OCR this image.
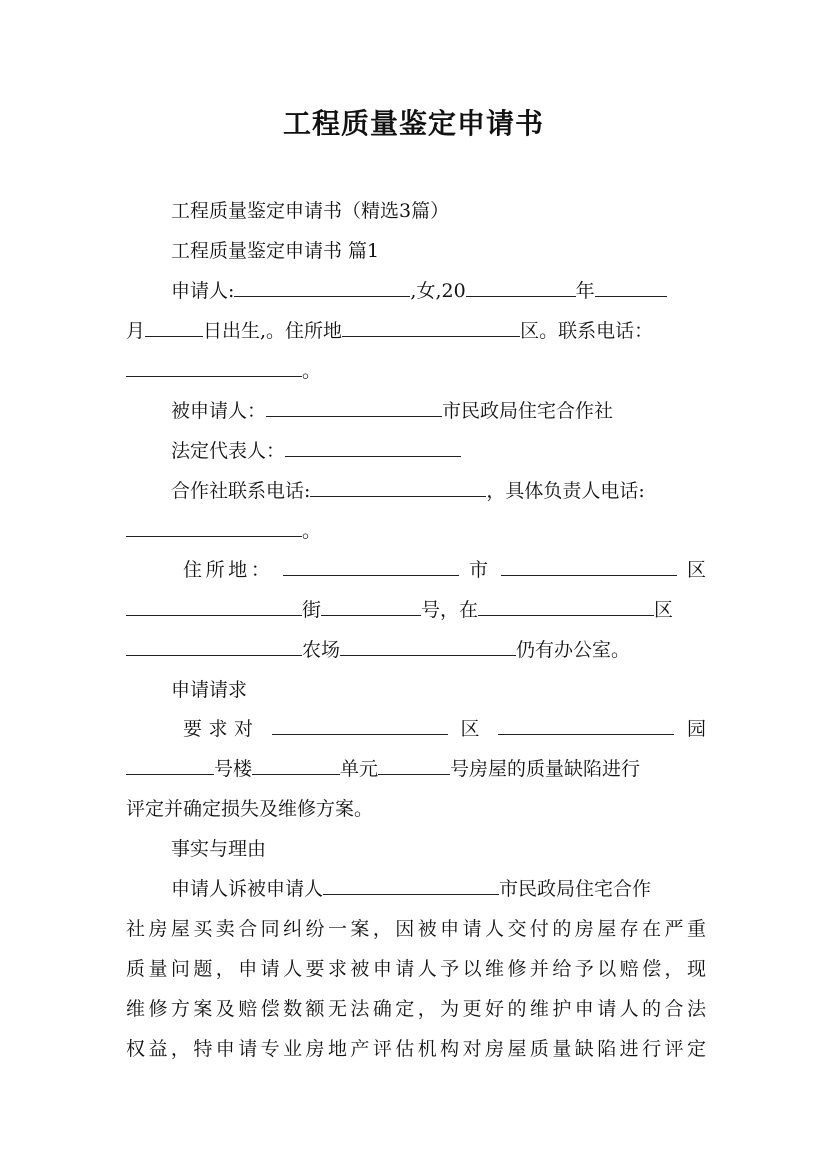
工程质量鉴定申请书
工程质量鉴定申请书（精选3篇）
工程质量鉴定申请书 篇1
申请人:	,女,20	年
月	日出生,。住所地	区。联系电话：
。
被申请人：	市民政局住宅合作社
法定代表人：
合作社联系电话:	，具体负责人电话:
。
住所地：	市	区
街	号，在	区
农场	仍有办公室。
申请请求
要求对	区	园
号楼	单元	号房屋的质量缺陷进行
评定并确定损失及维修方案。
事实与理由
申请人诉被申请人	市民政局住宅合作
社房屋买卖合同纠纷一案，因被申请人交付的房屋存在严重
质量问题，申请人要求被申请人予以维修并给予以赔偿，现
维修方案及赔偿数额无法确定，为更好的维护申请人的合法
权益，特申请专业房地产评估机构对房屋质量缺陷进行评定
